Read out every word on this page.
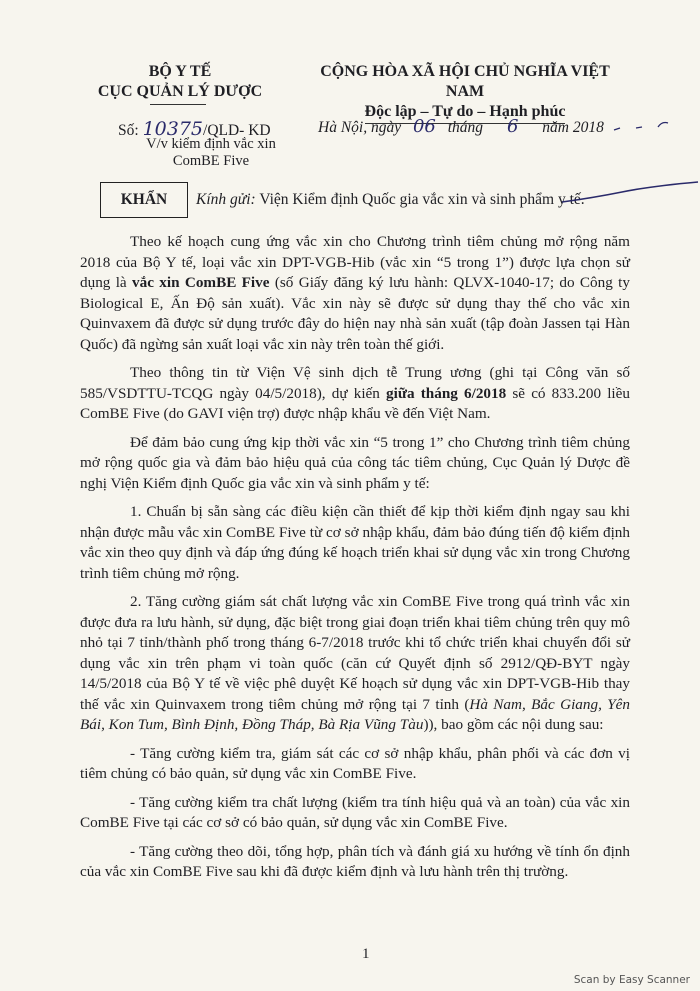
BỘ Y TẾ
CỤC QUẢN LÝ DƯỢC
CỘNG HÒA XÃ HỘI CHỦ NGHĨA VIỆT NAM
Độc lập – Tự do – Hạnh phúc
Số: 10375/QLD- KD
V/v kiểm định vắc xin
ComBE Five
Hà Nội, ngày 06 tháng 6 năm 2018
KHẨN	Kính gửi: Viện Kiểm định Quốc gia vắc xin và sinh phẩm y tế.

Theo kế hoạch cung ứng vắc xin cho Chương trình tiêm chủng mở rộng năm 2018 của Bộ Y tế, loại vắc xin DPT-VGB-Hib (vắc xin “5 trong 1”) được lựa chọn sử dụng là vắc xin ComBE Five (số Giấy đăng ký lưu hành: QLVX-1040-17; do Công ty Biological E, Ấn Độ sản xuất). Vắc xin này sẽ được sử dụng thay thế cho vắc xin Quinvaxem đã được sử dụng trước đây do hiện nay nhà sản xuất (tập đoàn Jassen tại Hàn Quốc) đã ngừng sản xuất loại vắc xin này trên toàn thế giới.

Theo thông tin từ Viện Vệ sinh dịch tễ Trung ương (ghi tại Công văn số 585/VSDTTU-TCQG ngày 04/5/2018), dự kiến giữa tháng 6/2018 sẽ có 833.200 liều ComBE Five (do GAVI viện trợ) được nhập khẩu về đến Việt Nam.

Để đảm bảo cung ứng kịp thời vắc xin “5 trong 1” cho Chương trình tiêm chủng mở rộng quốc gia và đảm bảo hiệu quả của công tác tiêm chủng, Cục Quản lý Dược đề nghị Viện Kiểm định Quốc gia vắc xin và sinh phẩm y tế:

1. Chuẩn bị sẵn sàng các điều kiện cần thiết để kịp thời kiểm định ngay sau khi nhận được mẫu vắc xin ComBE Five từ cơ sở nhập khẩu, đảm bảo đúng tiến độ kiểm định vắc xin theo quy định và đáp ứng đúng kế hoạch triển khai sử dụng vắc xin trong Chương trình tiêm chủng mở rộng.

2. Tăng cường giám sát chất lượng vắc xin ComBE Five trong quá trình vắc xin được đưa ra lưu hành, sử dụng, đặc biệt trong giai đoạn triển khai tiêm chủng trên quy mô nhỏ tại 7 tỉnh/thành phố trong tháng 6-7/2018 trước khi tổ chức triển khai chuyển đổi sử dụng vắc xin trên phạm vi toàn quốc (căn cứ Quyết định số 2912/QĐ-BYT ngày 14/5/2018 của Bộ Y tế về việc phê duyệt Kế hoạch sử dụng vắc xin DPT-VGB-Hib thay thế vắc xin Quinvaxem trong tiêm chủng mở rộng tại 7 tỉnh (Hà Nam, Bắc Giang, Yên Bái, Kon Tum, Bình Định, Đồng Tháp, Bà Rịa Vũng Tàu)), bao gồm các nội dung sau:

- Tăng cường kiểm tra, giám sát các cơ sở nhập khẩu, phân phối và các đơn vị tiêm chủng có bảo quản, sử dụng vắc xin ComBE Five.

- Tăng cường kiểm tra chất lượng (kiểm tra tính hiệu quả và an toàn) của vắc xin ComBE Five tại các cơ sở có bảo quản, sử dụng vắc xin ComBE Five.

- Tăng cường theo dõi, tổng hợp, phân tích và đánh giá xu hướng về tính ổn định của vắc xin ComBE Five sau khi đã được kiểm định và lưu hành trên thị trường.

1
Scan by Easy Scanner
